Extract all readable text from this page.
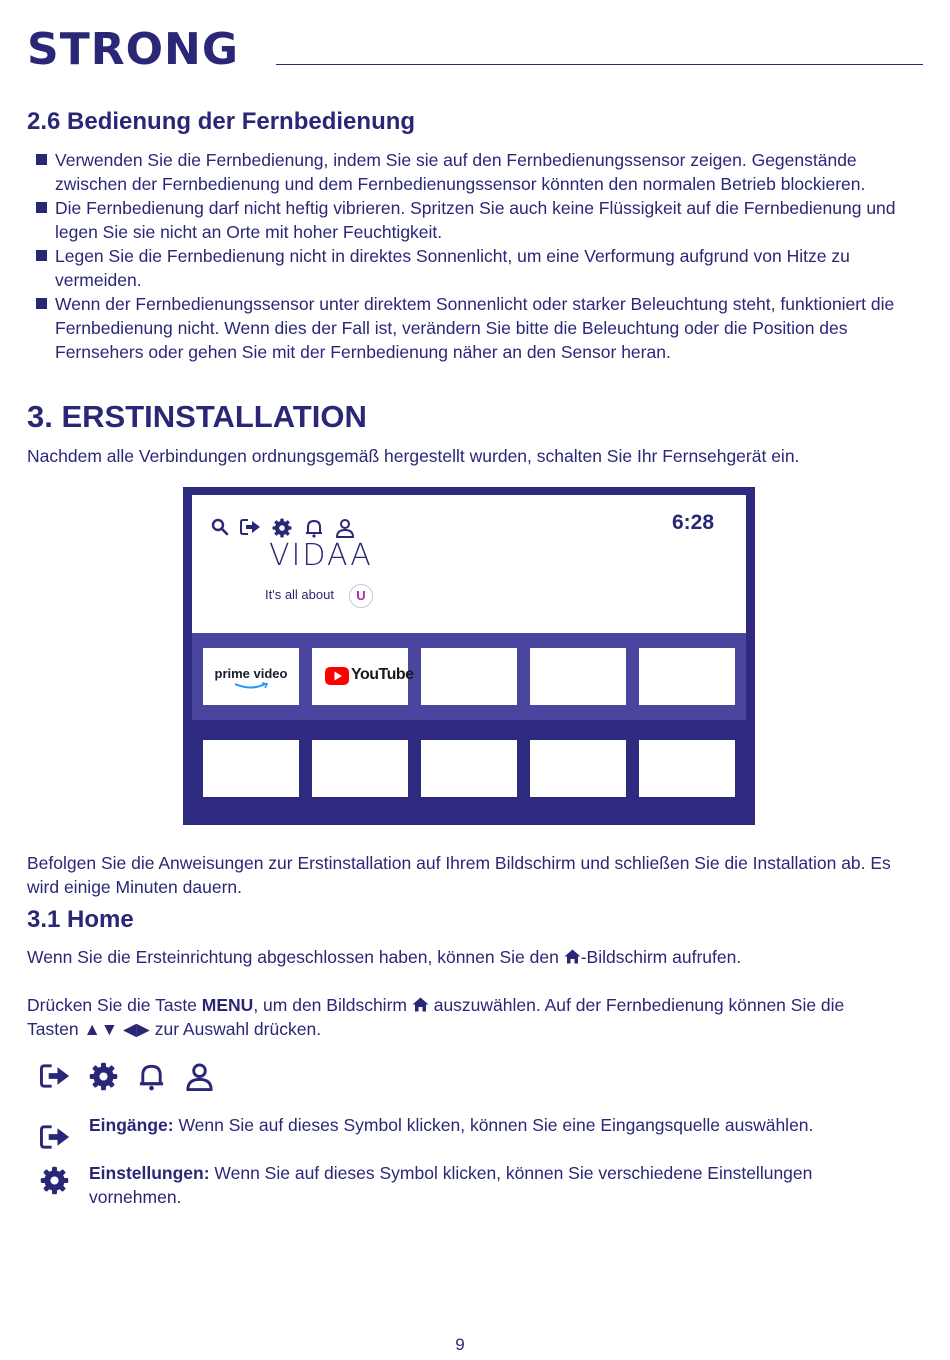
STRONG
2.6 Bedienung der Fernbedienung
Verwenden Sie die Fernbedienung, indem Sie sie auf den Fernbedienungssensor zeigen. Gegenstände zwischen der Fernbedienung und dem Fernbedienungssensor könnten den normalen Betrieb blockieren.
Die Fernbedienung darf nicht heftig vibrieren. Spritzen Sie auch keine Flüssigkeit auf die Fernbedienung und legen Sie sie nicht an Orte mit hoher Feuchtigkeit.
Legen Sie die Fernbedienung nicht in direktes Sonnenlicht, um eine Verformung aufgrund von Hitze zu vermeiden.
Wenn der Fernbedienungssensor unter direktem Sonnenlicht oder starker Beleuchtung steht, funktioniert die Fernbedienung nicht. Wenn dies der Fall ist, verändern Sie bitte die Beleuchtung oder die Position des Fernsehers oder gehen Sie mit der Fernbedienung näher an den Sensor heran.
3. ERSTINSTALLATION
Nachdem alle Verbindungen ordnungsgemäß hergestellt wurden, schalten Sie Ihr Fernsehgerät ein.
6:28
VIDAA
It's all about	U
prime video	YouTube
Befolgen Sie die Anweisungen zur Erstinstallation auf Ihrem Bildschirm und schließen Sie die Installation ab. Es wird einige Minuten dauern.
3.1 Home
Wenn Sie die Ersteinrichtung abgeschlossen haben, können Sie den -Bildschirm aufrufen.
Drücken Sie die Taste MENU, um den Bildschirm  auszuwählen. Auf der Fernbedienung können Sie die
Tasten ▲▼ ◀▶ zur Auswahl drücken.
Eingänge: Wenn Sie auf dieses Symbol klicken, können Sie eine Eingangsquelle auswählen.
Einstellungen: Wenn Sie auf dieses Symbol klicken, können Sie verschiedene Einstellungen vornehmen.
9
